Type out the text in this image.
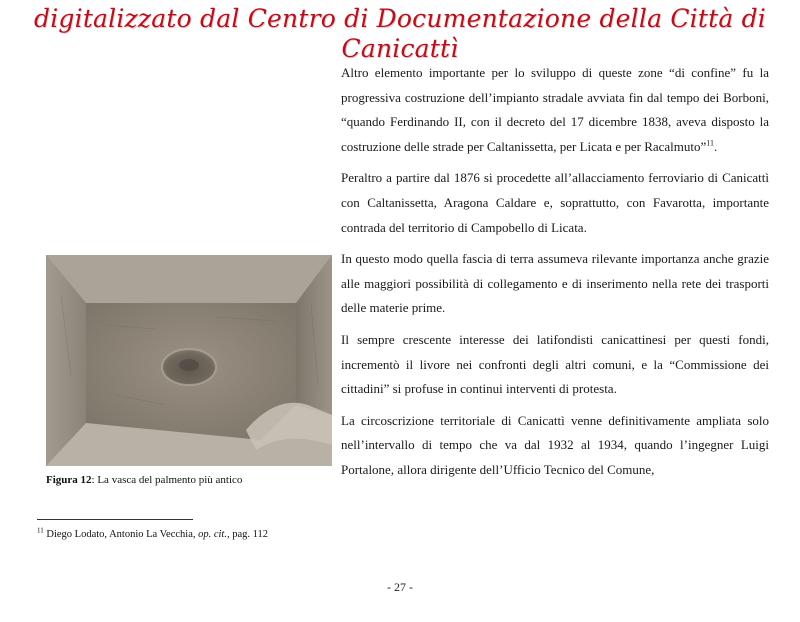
digitalizzato dal Centro di Documentazione della Città di Canicattì
Figura 12: La vasca del palmento più antico

Altro elemento importante per lo sviluppo di queste zone “di confine” fu la progressiva costruzione dell’impianto stradale avviata fin dal tempo dei Borboni, “quando Ferdinando II, con il decreto del 17 dicembre 1838, aveva disposto la costruzione delle strade per Caltanissetta, per Licata e per Racalmuto”$^{11}$.

Peraltro a partire dal 1876 si procedette all’allacciamento ferroviario di Canicattì con Caltanissetta, Aragona Caldare e, soprattutto, con Favarotta, importante contrada del territorio di Campobello di Licata.

In questo modo quella fascia di terra assumeva rilevante importanza anche grazie alle maggiori possibilità di collegamento e di inserimento nella rete dei trasporti delle materie prime.

Il sempre crescente interesse dei latifondisti canicattinesi per questi fondi, incrementò il livore nei confronti degli altri comuni, e la “Commissione dei cittadini” si profuse in continui interventi di protesta.

La circoscrizione territoriale di Canicattì venne definitivamente ampliata solo nell’intervallo di tempo che va dal 1932 al 1934, quando l’ingegner Luigi Portalone, allora dirigente dell’Ufficio Tecnico del Comune,

$^{11}$ Diego Lodato, Antonio La Vecchia, op. cit., pag. 112
- 27 -
